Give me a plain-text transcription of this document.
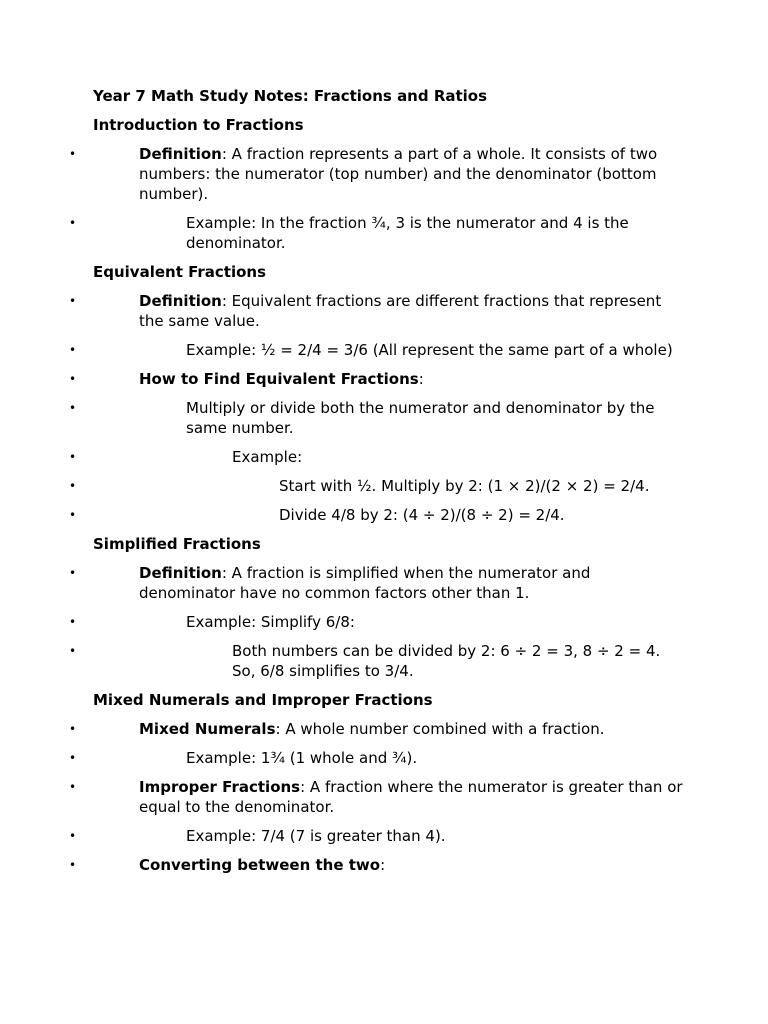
Year 7 Math Study Notes: Fractions and Ratios
Introduction to Fractions
• Definition: A fraction represents a part of a whole. It consists of two numbers: the numerator (top number) and the denominator (bottom number).
• Example: In the fraction ¾, 3 is the numerator and 4 is the denominator.
Equivalent Fractions
• Definition: Equivalent fractions are different fractions that represent the same value.
• Example: ½ = 2/4 = 3/6 (All represent the same part of a whole)
• How to Find Equivalent Fractions:
• Multiply or divide both the numerator and denominator by the same number.
• Example:
• Start with ½. Multiply by 2: (1 × 2)/(2 × 2) = 2/4.
• Divide 4/8 by 2: (4 ÷ 2)/(8 ÷ 2) = 2/4.
Simplified Fractions
• Definition: A fraction is simplified when the numerator and denominator have no common factors other than 1.
• Example: Simplify 6/8:
• Both numbers can be divided by 2: 6 ÷ 2 = 3, 8 ÷ 2 = 4. So, 6/8 simplifies to 3/4.
Mixed Numerals and Improper Fractions
• Mixed Numerals: A whole number combined with a fraction.
• Example: 1¾ (1 whole and ¾).
• Improper Fractions: A fraction where the numerator is greater than or equal to the denominator.
• Example: 7/4 (7 is greater than 4).
• Converting between the two:
